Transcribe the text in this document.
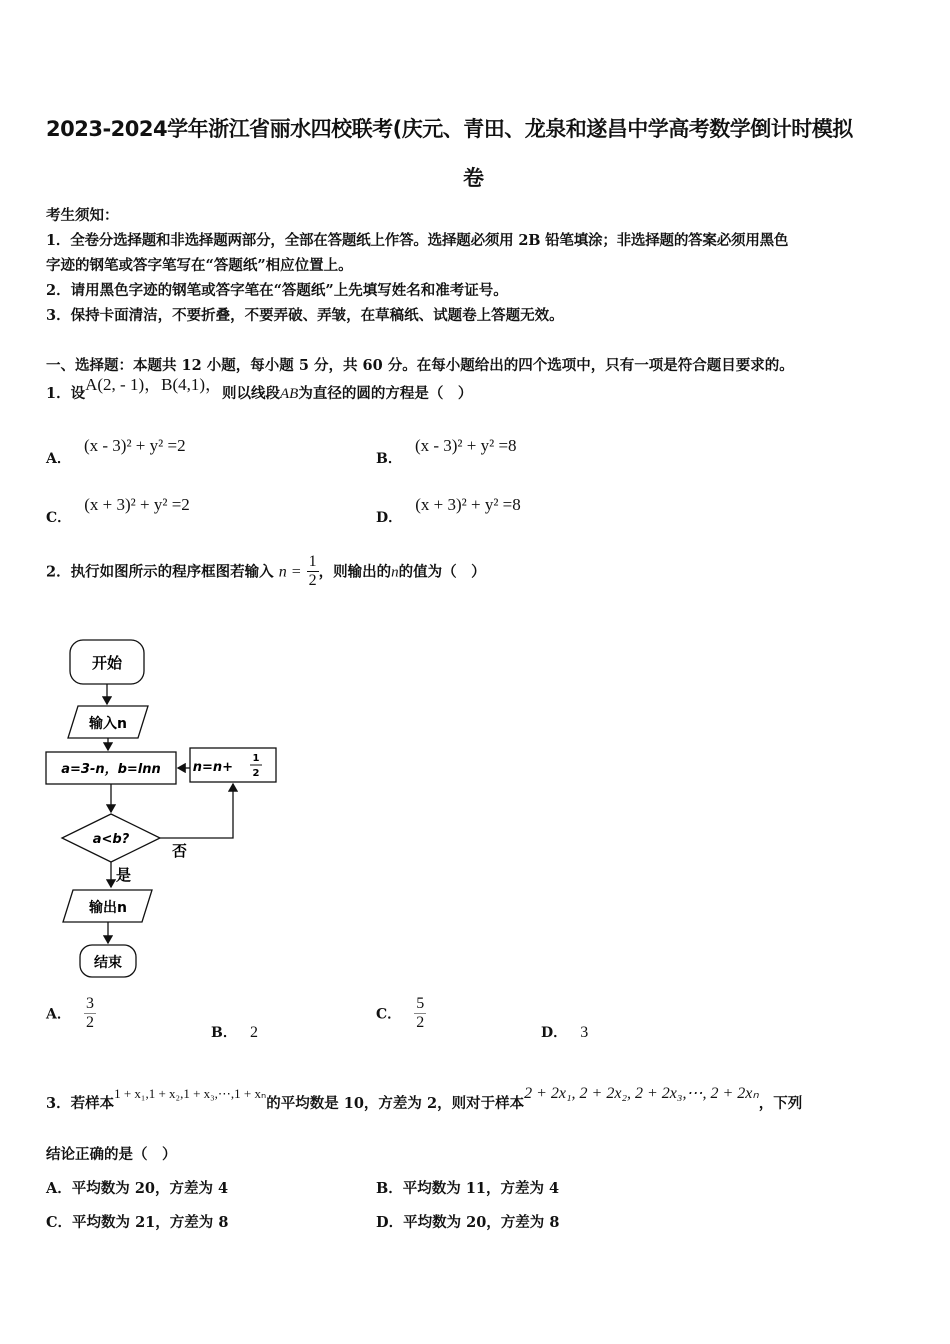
2023-2024学年浙江省丽水四校联考(庆元、青田、龙泉和遂昌中学高考数学倒计时模拟
卷
考生须知：
1．全卷分选择题和非选择题两部分，全部在答题纸上作答。选择题必须用 2B 铅笔填涂；非选择题的答案必须用黑色
字迹的钢笔或答字笔写在“答题纸”相应位置上。
2．请用黑色字迹的钢笔或答字笔在“答题纸”上先填写姓名和准考证号。
3．保持卡面清洁，不要折叠，不要弄破、弄皱，在草稿纸、试题卷上答题无效。
一、选择题：本题共 12 小题，每小题 5 分，共 60 分。在每小题给出的四个选项中，只有一项是符合题目要求的。
1．设A(2, - 1)，B(4,1)，则以线段AB为直径的圆的方程是（　）
A． (x - 3)² + y² =2
B． (x - 3)² + y² =8
C． (x + 3)² + y² =2
D． (x + 3)² + y² =8
2．执行如图所示的程序框图若输入 $n = \frac{1}{2}$ ，则输出的n的值为（　）
开始
输入n
a=3-n，b=lnn n=n+
1
2
a<b?
否
是
输出n
结束
A． $\frac{3}{2}$
B． 2
C． $\frac{5}{2}$
D． 3
3．若样本1 + x₁,1 + x₂,1 + x₃,⋯,1 + xₙ的平均数是 10，方差为 2，则对于样本2 + 2x₁, 2 + 2x₂, 2 + 2x₃,⋯, 2 + 2xₙ，下列
结论正确的是（　）
A．平均数为 20，方差为 4	B．平均数为 11，方差为 4
C．平均数为 21，方差为 8	D．平均数为 20，方差为 8
